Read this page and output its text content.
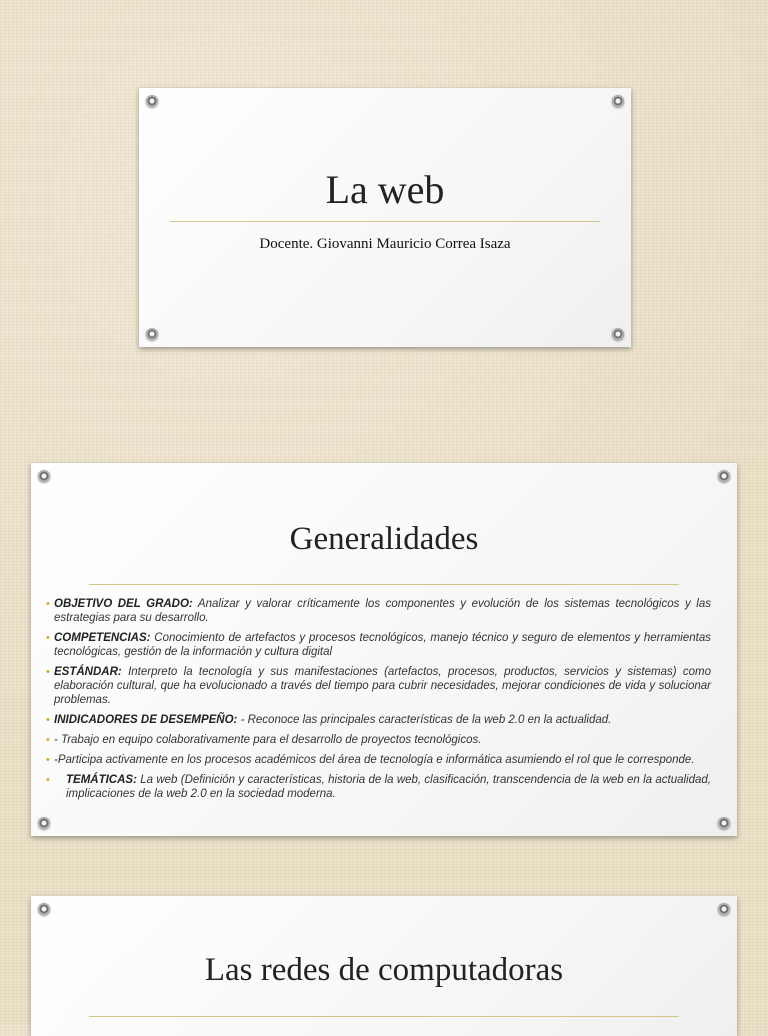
La web
Docente. Giovanni Mauricio Correa Isaza
Generalidades
• OBJETIVO DEL GRADO: Analizar y valorar críticamente los componentes y evolución de los sistemas tecnológicos y las estrategias para su desarrollo.
• COMPETENCIAS: Conocimiento de artefactos y procesos tecnológicos, manejo técnico y seguro de elementos y herramientas tecnológicas, gestión de la información y cultura digital
• ESTÁNDAR: Interpreto la tecnología y sus manifestaciones (artefactos, procesos, productos, servicios y sistemas) como elaboración cultural, que ha evolucionado a través del tiempo para cubrir necesidades, mejorar condiciones de vida y solucionar problemas.
• INIDICADORES DE DESEMPEÑO: - Reconoce las principales características de la web 2.0 en la actualidad.
• - Trabajo en equipo colaborativamente para el desarrollo de proyectos tecnológicos.
• -Participa activamente en los procesos académicos del área de tecnología e informática asumiendo el rol que le corresponde.
• TEMÁTICAS: La web (Definición y características, historia de la web, clasificación, transcendencia de la web en la actualidad, implicaciones de la web 2.0 en la sociedad moderna.
Las redes de computadoras
